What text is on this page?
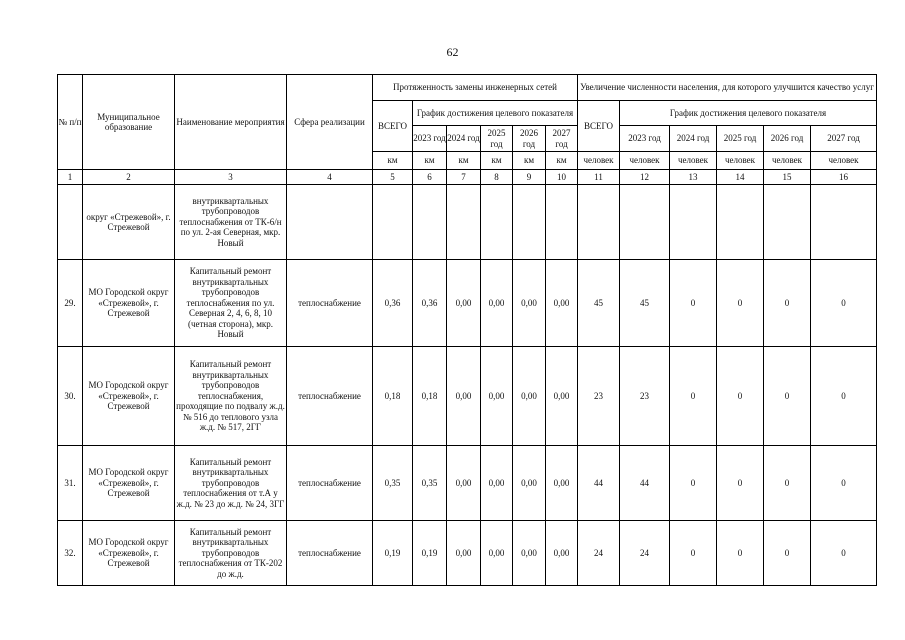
62
№ п/п	Муниципальное образование	Наименование мероприятия	Сфера реализации	Протяженность замены инженерных сетей						Увеличение численности населения, для которого улучшится качество услуг					
				ВСЕГО	График достижения целевого показателя					ВСЕГО	График достижения целевого показателя				
					2023 год	2024 год	2025 год	2026 год	2027 год		2023 год	2024 год	2025 год	2026 год	2027 год
				км	км	км	км	км	км	человек	человек	человек	человек	человек	человек
1	2	3	4	5	6	7	8	9	10	11	12	13	14	15	16
	округ «Стрежевой», г. Стрежевой	внутриквартальных трубопроводов теплоснабжения от ТК-6/н по ул. 2-ая Северная, мкр. Новый													
29.	МО Городской округ «Стрежевой», г. Стрежевой	Капитальный ремонт внутриквартальных трубопроводов теплоснабжения по ул. Северная 2, 4, 6, 8, 10 (четная сторона), мкр. Новый	теплоснабжение	0,36	0,36	0,00	0,00	0,00	0,00	45	45	0	0	0	0
30.	МО Городской округ «Стрежевой», г. Стрежевой	Капитальный ремонт внутриквартальных трубопроводов теплоснабжения, проходящие по подвалу ж.д. № 516 до теплового узла ж.д. № 517, 2ГГ	теплоснабжение	0,18	0,18	0,00	0,00	0,00	0,00	23	23	0	0	0	0
31.	МО Городской округ «Стрежевой», г. Стрежевой	Капитальный ремонт внутриквартальных трубопроводов теплоснабжения от т.А у ж.д. № 23 до ж.д. № 24, 3ГГ	теплоснабжение	0,35	0,35	0,00	0,00	0,00	0,00	44	44	0	0	0	0
32.	МО Городской округ «Стрежевой», г. Стрежевой	Капитальный ремонт внутриквартальных трубопроводов теплоснабжения от ТК-202 до ж.д.	теплоснабжение	0,19	0,19	0,00	0,00	0,00	0,00	24	24	0	0	0	0
